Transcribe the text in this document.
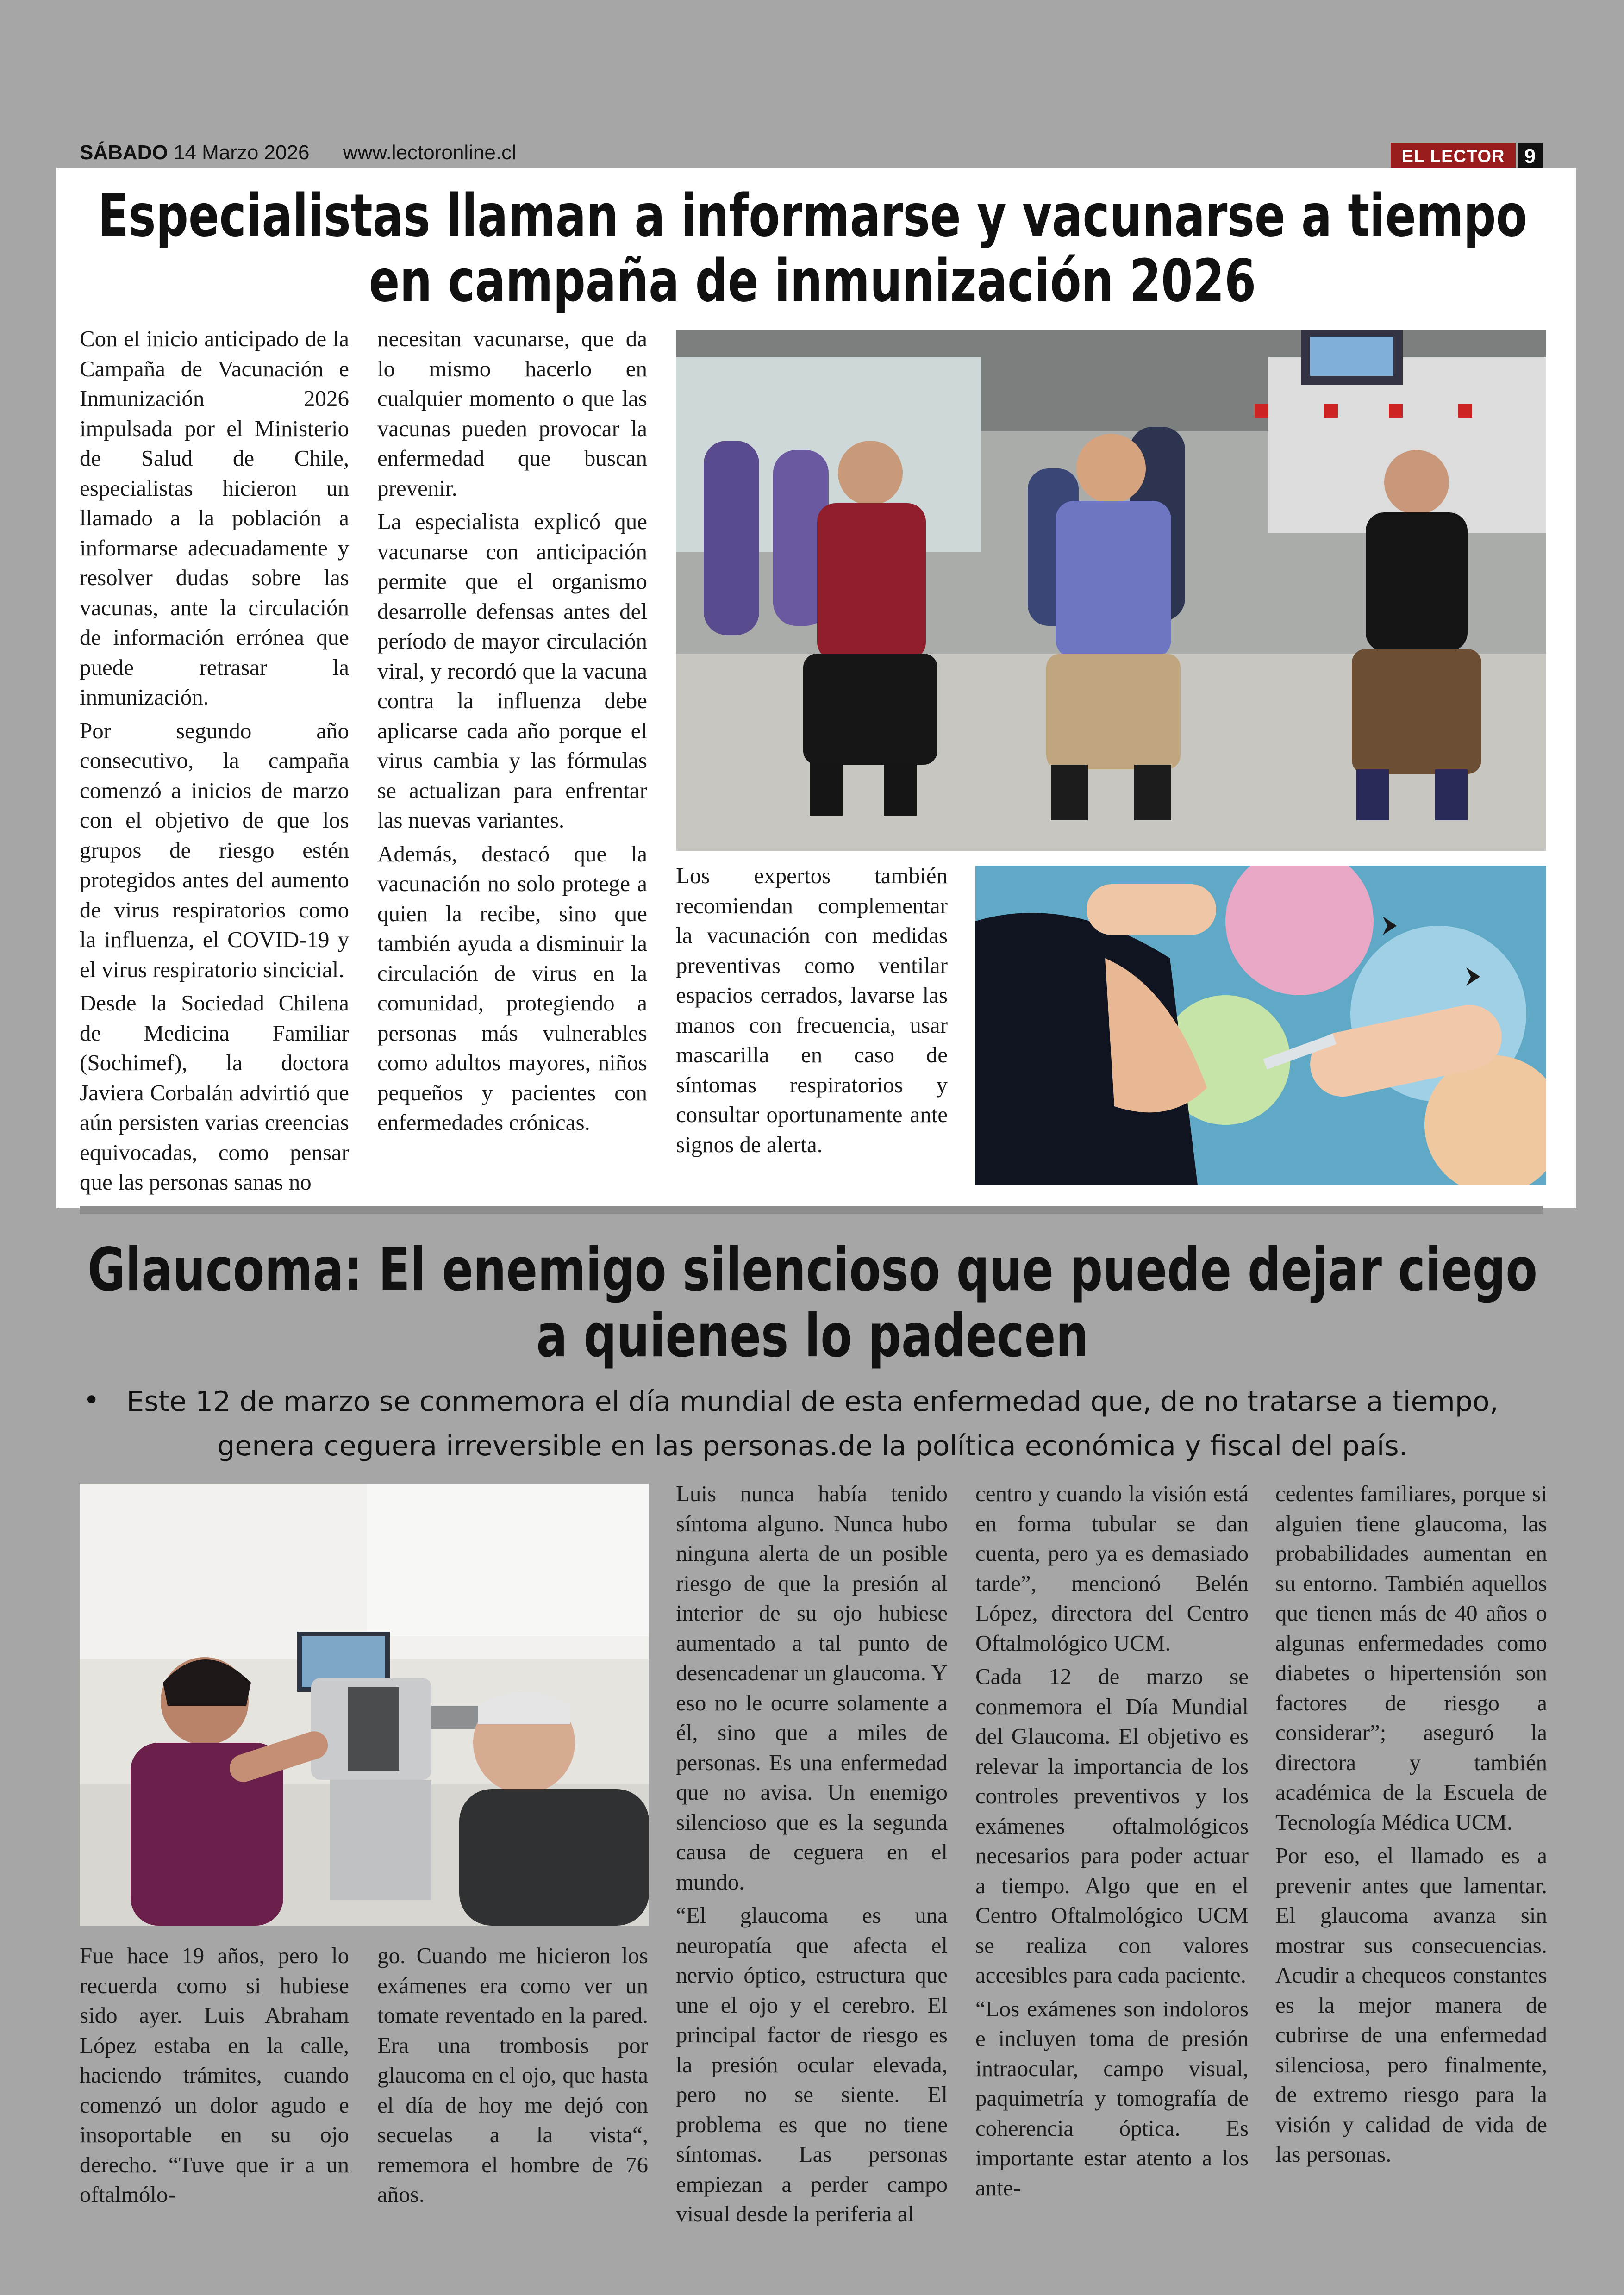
SÁBADO 14 Marzo 2026 www.lectoronline.cl	EL LECTOR 9
Especialistas llaman a informarse y vacunarse a tiempo en campaña de inmunización 2026

Con el inicio anticipado de la Campaña de Vacunación e Inmunización 2026 impulsada por el Ministerio de Salud de Chile, especialistas hicieron un llamado a la población a informarse adecuadamente y resolver dudas sobre las vacunas, ante la circulación de información errónea que puede retrasar la inmunización.

Por segundo año consecutivo, la campaña comenzó a inicios de marzo con el objetivo de que los grupos de riesgo estén protegidos antes del aumento de virus respiratorios como la influenza, el COVID-19 y el virus respiratorio sincicial.

Desde la Sociedad Chilena de Medicina Familiar (Sochimef), la doctora Javiera Corbalán advirtió que aún persisten varias creencias equivocadas, como pensar que las personas sanas no

necesitan vacunarse, que da lo mismo hacerlo en cualquier momento o que las vacunas pueden provocar la enfermedad que buscan prevenir.

La especialista explicó que vacunarse con anticipación permite que el organismo desarrolle defensas antes del período de mayor circulación viral, y recordó que la vacuna contra la influenza debe aplicarse cada año porque el virus cambia y las fórmulas se actualizan para enfrentar las nuevas variantes.

Además, destacó que la vacunación no solo protege a quien la recibe, sino que también ayuda a disminuir la circulación de virus en la comunidad, protegiendo a personas más vulnerables como adultos mayores, niños pequeños y pacientes con enfermedades crónicas.

Los expertos también recomiendan complementar la vacunación con medidas preventivas como ventilar espacios cerrados, lavarse las manos con frecuencia, usar mascarilla en caso de síntomas respiratorios y consultar oportunamente ante signos de alerta.

Glaucoma: El enemigo silencioso que puede dejar ciego a quienes lo padecen
• Este 12 de marzo se conmemora el día mundial de esta enfermedad que, de no tratarse a tiempo, genera ceguera irreversible en las personas.de la política económica y fiscal del país.

Fue hace 19 años, pero lo recuerda como si hubiese sido ayer. Luis Abraham López estaba en la calle, haciendo trámites, cuando comenzó un dolor agudo e insoportable en su ojo derecho. “Tuve que ir a un oftalmólo-

go. Cuando me hicieron los exámenes era como ver un tomate reventado en la pared. Era una trombosis por glaucoma en el ojo, que hasta el día de hoy me dejó con secuelas a la vista“, rememora el hombre de 76 años.

Luis nunca había tenido síntoma alguno. Nunca hubo ninguna alerta de un posible riesgo de que la presión al interior de su ojo hubiese aumentado a tal punto de desencadenar un glaucoma. Y eso no le ocurre solamente a él, sino que a miles de personas. Es una enfermedad que no avisa. Un enemigo silencioso que es la segunda causa de ceguera en el mundo.

“El glaucoma es una neuropatía que afecta el nervio óptico, estructura que une el ojo y el cerebro. El principal factor de riesgo es la presión ocular elevada, pero no se siente. El problema es que no tiene síntomas. Las personas empiezan a perder campo visual desde la periferia al

centro y cuando la visión está en forma tubular se dan cuenta, pero ya es demasiado tarde”, mencionó Belén López, directora del Centro Oftalmológico UCM.

Cada 12 de marzo se conmemora el Día Mundial del Glaucoma. El objetivo es relevar la importancia de los controles preventivos y los exámenes oftalmológicos necesarios para poder actuar a tiempo. Algo que en el Centro Oftalmológico UCM se realiza con valores accesibles para cada paciente.

“Los exámenes son indoloros e incluyen toma de presión intraocular, campo visual, paquimetría y tomografía de coherencia óptica. Es importante estar atento a los ante-

cedentes familiares, porque si alguien tiene glaucoma, las probabilidades aumentan en su entorno. También aquellos que tienen más de 40 años o algunas enfermedades como diabetes o hipertensión son factores de riesgo a considerar”; aseguró la directora y también académica de la Escuela de Tecnología Médica UCM.

Por eso, el llamado es a prevenir antes que lamentar. El glaucoma avanza sin mostrar sus consecuencias. Acudir a chequeos constantes es la mejor manera de cubrirse de una enfermedad silenciosa, pero finalmente, de extremo riesgo para la visión y calidad de vida de las personas.
